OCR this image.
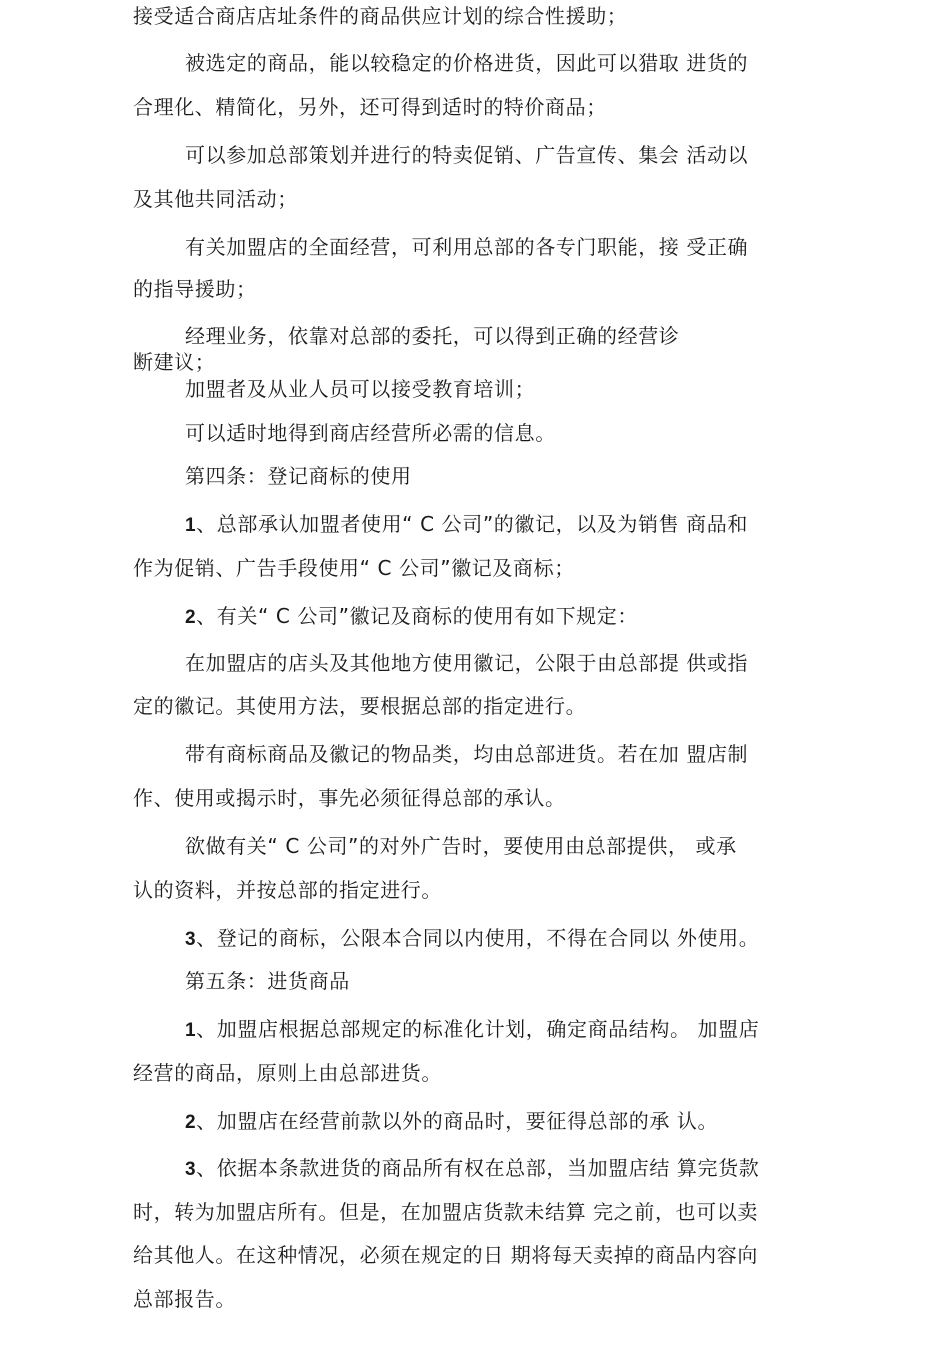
接受适合商店店址条件的商品供应计划的综合性援助；

被选定的商品，能以较稳定的价格进货，因此可以猎取 进货的

合理化、精简化，另外，还可得到适时的特价商品；

可以参加总部策划并进行的特卖促销、广告宣传、集会 活动以

及其他共同活动；

有关加盟店的全面经营，可利用总部的各专门职能，接 受正确

的指导援助；

经理业务，依靠对总部的委托，可以得到正确的经营诊

断建议；

加盟者及从业人员可以接受教育培训；

可以适时地得到商店经营所必需的信息。

第四条：登记商标的使用

1、总部承认加盟者使用“ C 公司”的徽记，以及为销售 商品和

作为促销、广告手段使用“ C 公司”徽记及商标；

2、有关“ C 公司”徽记及商标的使用有如下规定：

在加盟店的店头及其他地方使用徽记，公限于由总部提 供或指

定的徽记。其使用方法，要根据总部的指定进行。

带有商标商品及徽记的物品类，均由总部进货。若在加 盟店制

作、使用或揭示时，事先必须征得总部的承认。

欲做有关“ C 公司”的对外广告时，要使用由总部提供， 或承

认的资料，并按总部的指定进行。

3、登记的商标，公限本合同以内使用，不得在合同以 外使用。

第五条：进货商品

1、加盟店根据总部规定的标准化计划，确定商品结构。 加盟店

经营的商品，原则上由总部进货。

2、加盟店在经营前款以外的商品时，要征得总部的承 认。

3、依据本条款进货的商品所有权在总部，当加盟店结 算完货款

时，转为加盟店所有。但是，在加盟店货款未结算 完之前，也可以卖

给其他人。在这种情况，必须在规定的日 期将每天卖掉的商品内容向

总部报告。
